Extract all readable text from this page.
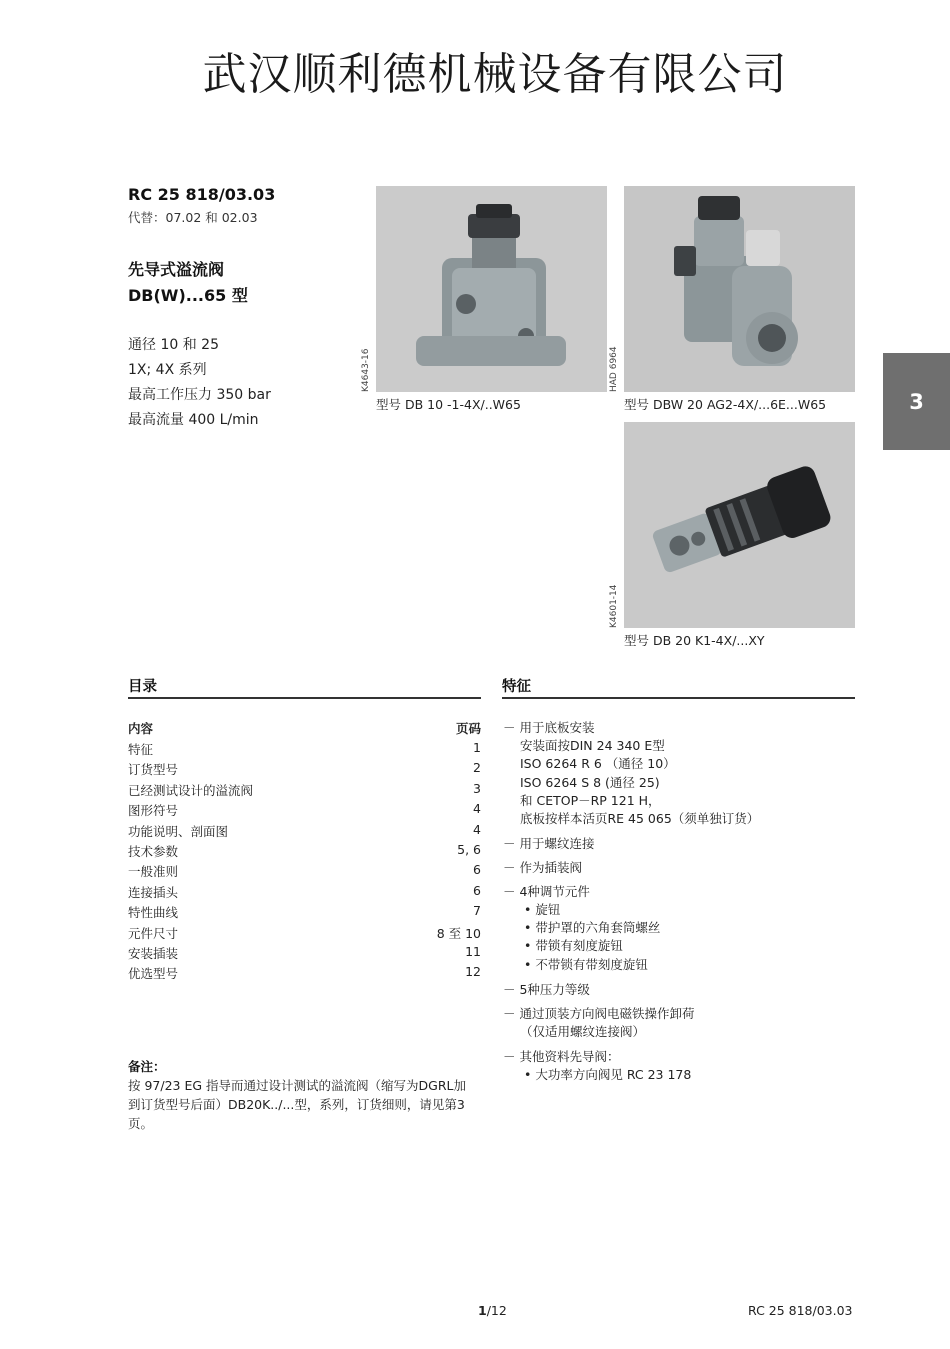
武汉顺利德机械设备有限公司
RC 25 818/03.03
代替：07.02 和 02.03
先导式溢流阀
DB(W)...65 型
通径 10 和 25
1X; 4X 系列
最高工作压力 350 bar
最高流量 400 L/min
K4643-16
型号 DB 10 -1-4X/..W65
HAD 6964
型号 DBW 20 AG2-4X/...6E...W65
K4601-14
型号 DB 20 K1-4X/...XY
3
目录
内容	页码
特征	1
订货型号	2
已经测试设计的溢流阀	3
图形符号	4
功能说明、剖面图	4
技术参数	5, 6
一般准则	6
连接插头	6
特性曲线	7
元件尺寸	8 至 10
安装插装	11
优选型号	12
特征
－ 用于底板安装
安装面按DIN 24 340 E型
ISO 6264 R 6 （通径 10）
ISO 6264 S 8 (通径 25)
和 CETOP－RP 121 H，
底板按样本活页RE 45 065（须单独订货）
－ 用于螺纹连接
－ 作为插装阀
－ 4种调节元件
• 旋钮
• 带护罩的六角套筒螺丝
• 带锁有刻度旋钮
• 不带锁有带刻度旋钮
－ 5种压力等级
－ 通过顶装方向阀电磁铁操作卸荷
（仅适用螺纹连接阀）
－ 其他资料先导阀：
• 大功率方向阀见 RC 23 178
备注：
按 97/23 EG 指导而通过设计测试的溢流阀（缩写为DGRL加
到订货型号后面）DB20K../...型，系列，订货细则，请见第3
页。
1/12	RC 25 818/03.03
